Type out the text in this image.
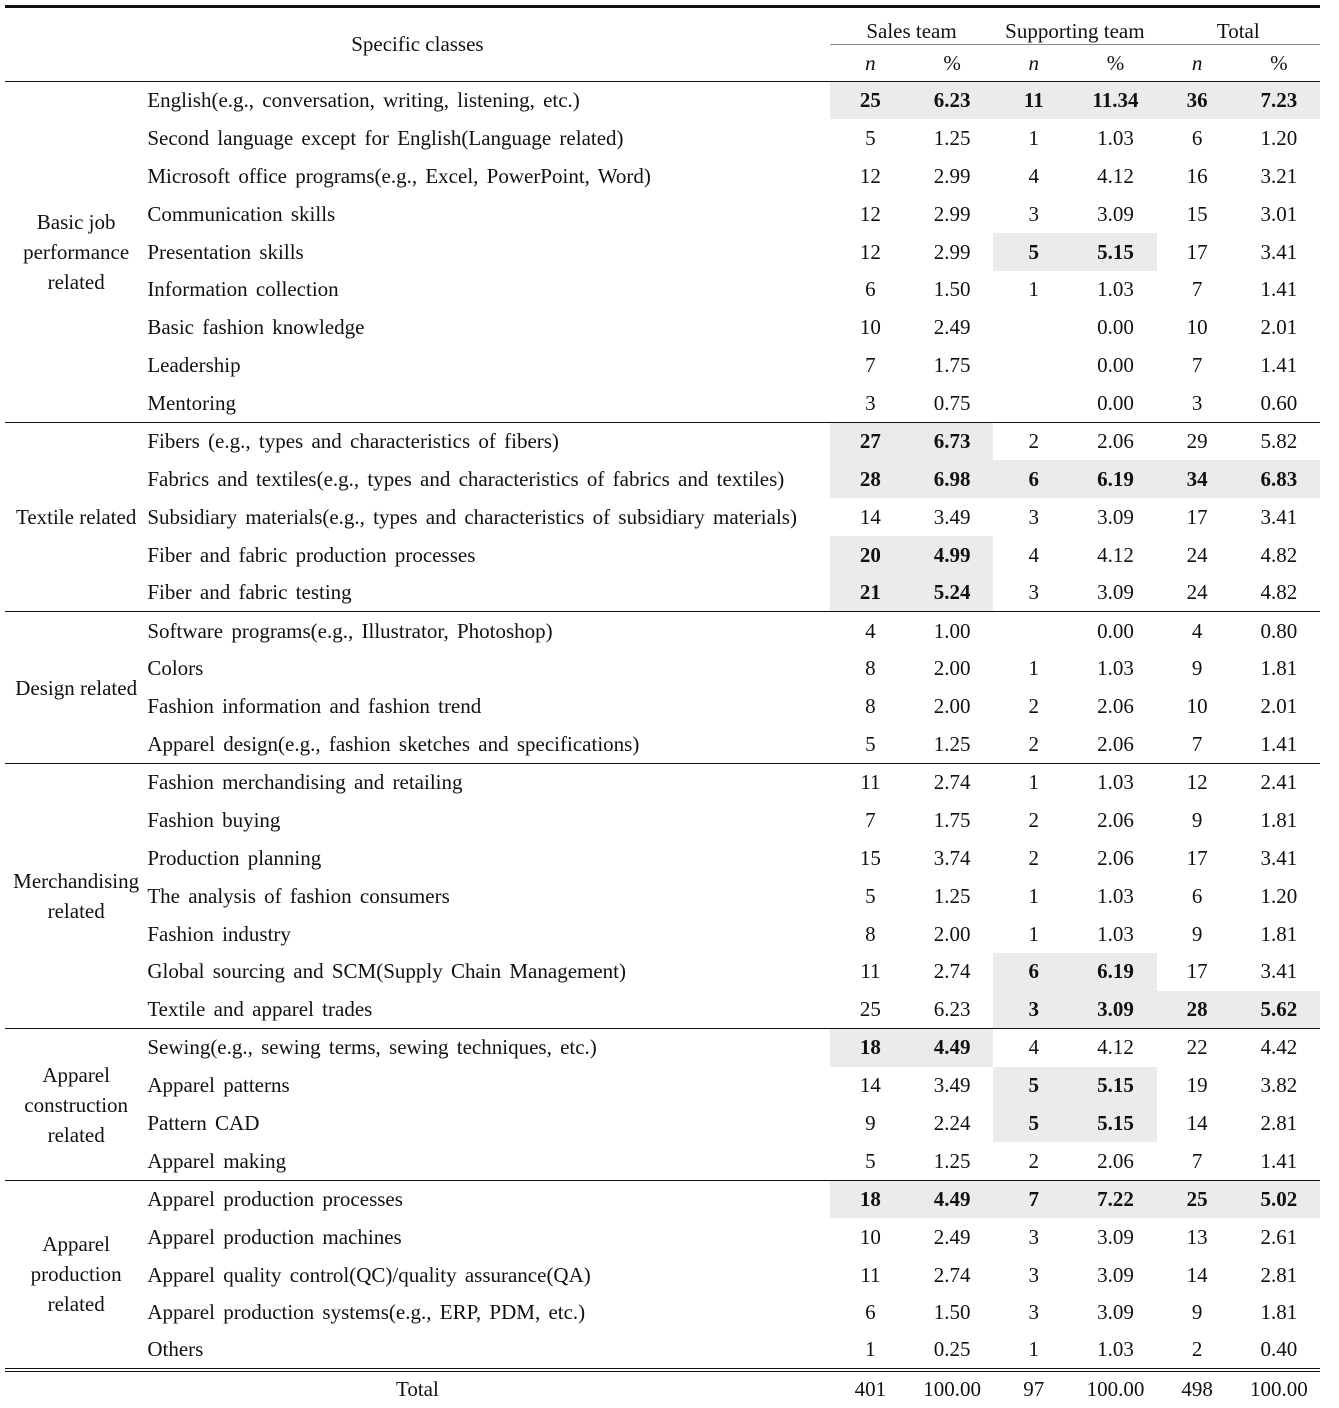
Specific classes		Sales team		Supporting team		Total	
		n	%	n	%	n	%
Basic job performance related	English(e.g., conversation, writing, listening, etc.)	25	6.23	11	11.34	36	7.23
	Second language except for English(Language related)	5	1.25	1	1.03	6	1.20
	Microsoft office programs(e.g., Excel, PowerPoint, Word)	12	2.99	4	4.12	16	3.21
	Communication skills	12	2.99	3	3.09	15	3.01
	Presentation skills	12	2.99	5	5.15	17	3.41
	Information collection	6	1.50	1	1.03	7	1.41
	Basic fashion knowledge	10	2.49		0.00	10	2.01
	Leadership	7	1.75		0.00	7	1.41
	Mentoring	3	0.75		0.00	3	0.60
Textile related	Fibers (e.g., types and characteristics of fibers)	27	6.73	2	2.06	29	5.82
	Fabrics and textiles(e.g., types and characteristics of fabrics and textiles)	28	6.98	6	6.19	34	6.83
	Subsidiary materials(e.g., types and characteristics of subsidiary materials)	14	3.49	3	3.09	17	3.41
	Fiber and fabric production processes	20	4.99	4	4.12	24	4.82
	Fiber and fabric testing	21	5.24	3	3.09	24	4.82
Design related	Software programs(e.g., Illustrator, Photoshop)	4	1.00		0.00	4	0.80
	Colors	8	2.00	1	1.03	9	1.81
	Fashion information and fashion trend	8	2.00	2	2.06	10	2.01
	Apparel design(e.g., fashion sketches and specifications)	5	1.25	2	2.06	7	1.41
Merchandising related	Fashion merchandising and retailing	11	2.74	1	1.03	12	2.41
	Fashion buying	7	1.75	2	2.06	9	1.81
	Production planning	15	3.74	2	2.06	17	3.41
	The analysis of fashion consumers	5	1.25	1	1.03	6	1.20
	Fashion industry	8	2.00	1	1.03	9	1.81
	Global sourcing and SCM(Supply Chain Management)	11	2.74	6	6.19	17	3.41
	Textile and apparel trades	25	6.23	3	3.09	28	5.62
Apparel construction related	Sewing(e.g., sewing terms, sewing techniques, etc.)	18	4.49	4	4.12	22	4.42
	Apparel patterns	14	3.49	5	5.15	19	3.82
	Pattern CAD	9	2.24	5	5.15	14	2.81
	Apparel making	5	1.25	2	2.06	7	1.41
Apparel production related	Apparel production processes	18	4.49	7	7.22	25	5.02
	Apparel production machines	10	2.49	3	3.09	13	2.61
	Apparel quality control(QC)/quality assurance(QA)	11	2.74	3	3.09	14	2.81
	Apparel production systems(e.g., ERP, PDM, etc.)	6	1.50	3	3.09	9	1.81
	Others	1	0.25	1	1.03	2	0.40
Total		401	100.00	97	100.00	498	100.00
